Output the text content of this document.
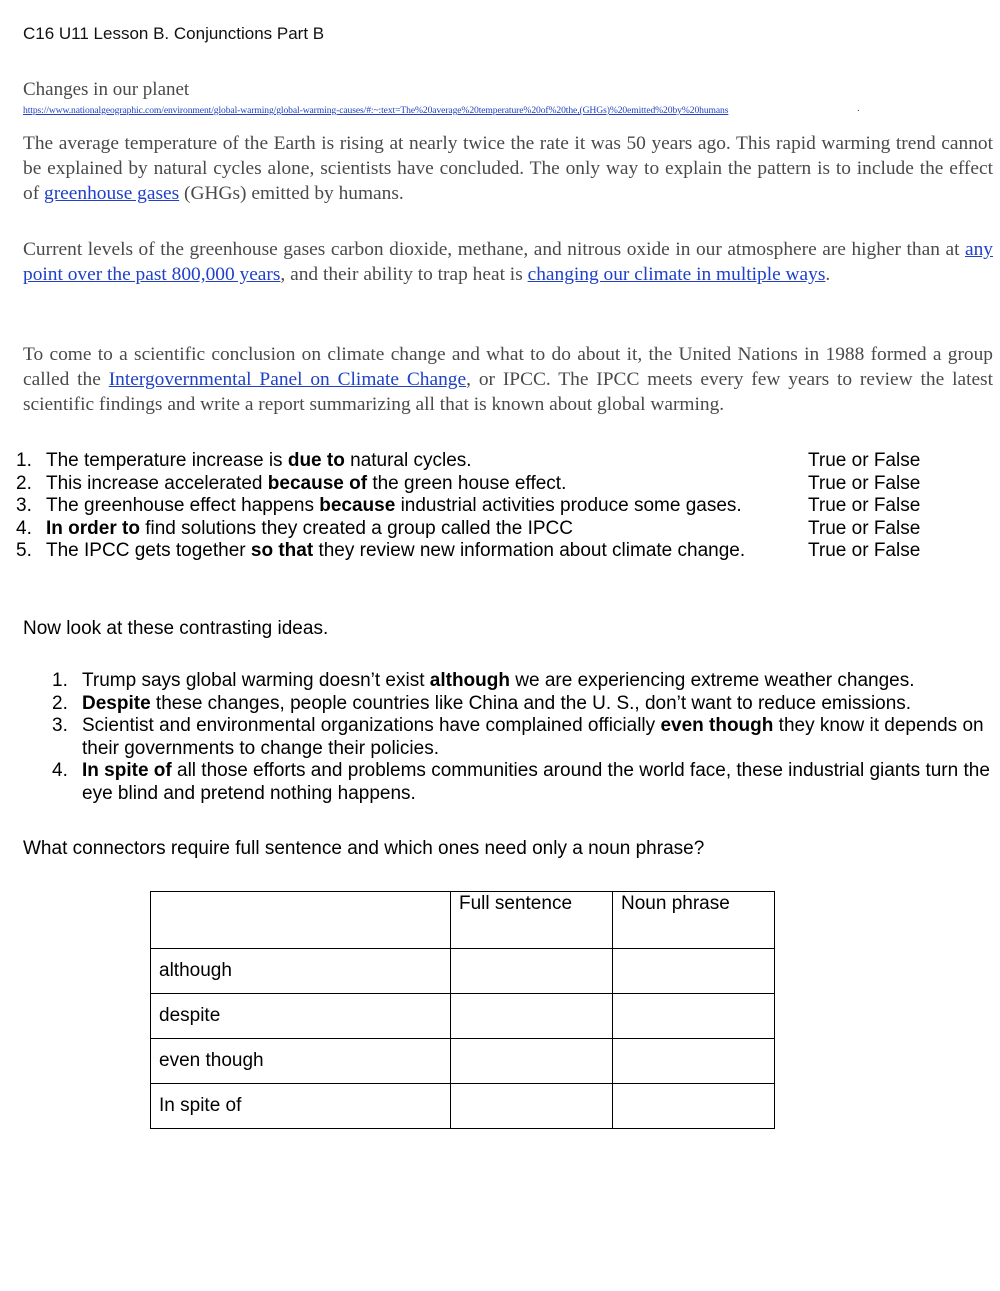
C16 U11 Lesson B. Conjunctions Part B
Changes in our planet
https://www.nationalgeographic.com/environment/global-warming/global-warming-causes/#:~:text=The%20average%20temperature%20of%20the,(GHGs)%20emitted%20by%20humans	.

The average temperature of the Earth is rising at nearly twice the rate it was 50 years ago. This rapid warming trend cannot be explained by natural cycles alone, scientists have concluded. The only way to explain the pattern is to include the effect of greenhouse gases (GHGs) emitted by humans.

Current levels of the greenhouse gases carbon dioxide, methane, and nitrous oxide in our atmosphere are higher than at any point over the past 800,000 years, and their ability to trap heat is changing our climate in multiple ways.

To come to a scientific conclusion on climate change and what to do about it, the United Nations in 1988 formed a group called the Intergovernmental Panel on Climate Change, or IPCC. The IPCC meets every few years to review the latest scientific findings and write a report summarizing all that is known about global warming.

1. The temperature increase is due to natural cycles.	True or False
2. This increase accelerated because of the green house effect.	True or False
3. The greenhouse effect happens because industrial activities produce some gases.	True or False
4. In order to find solutions they created a group called the IPCC	True or False
5. The IPCC gets together so that they review new information about climate change.	True or False
Now look at these contrasting ideas.
1. Trump says global warming doesn’t exist although we are experiencing extreme weather changes.
2. Despite these changes, people countries like China and the U. S., don’t want to reduce emissions.
3. Scientist and environmental organizations have complained officially even though they know it depends on their governments to change their policies.
4. In spite of all those efforts and problems communities around the world face, these industrial giants turn the eye blind and pretend nothing happens.
What connectors require full sentence and which ones need only a noun phrase?
	Full sentence	Noun phrase
although		
despite		
even though		
In spite of		
